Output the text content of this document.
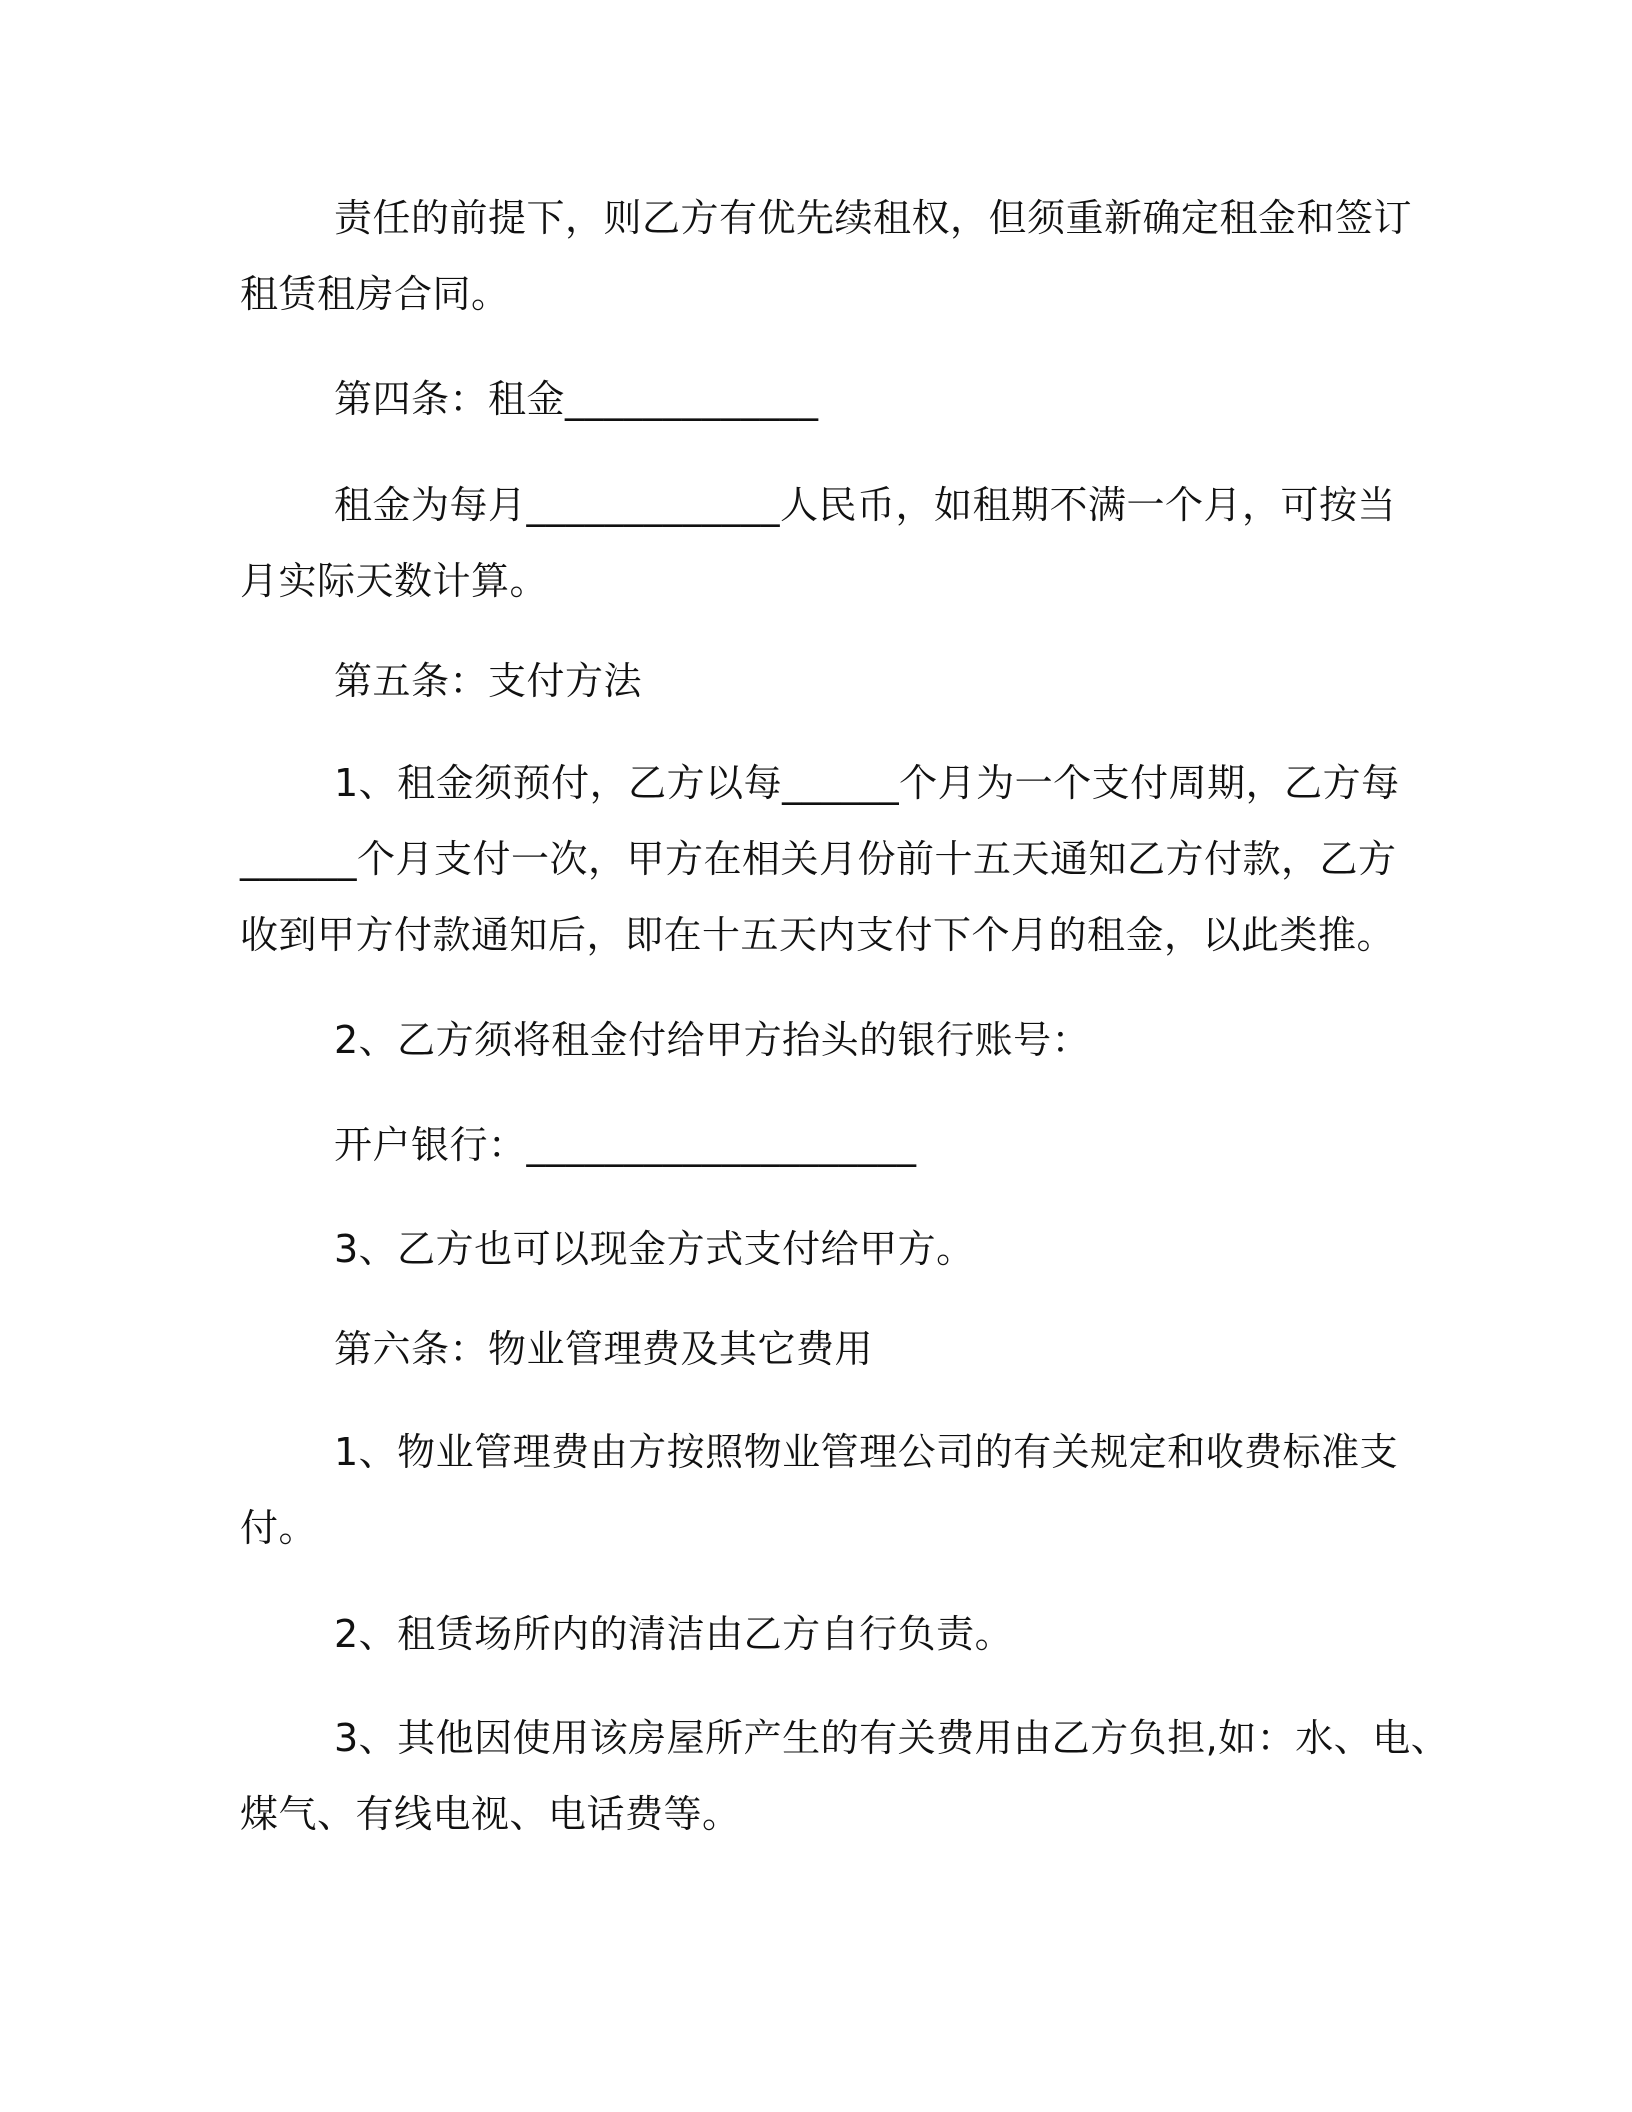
责任的前提下，则乙方有优先续租权，但须重新确定租金和签订
租赁租房合同。
第四条：租金_____________
租金为每月_____________人民币，如租期不满一个月，可按当
月实际天数计算。
第五条：支付方法
1、租金须预付，乙方以每______个月为一个支付周期，乙方每
______个月支付一次，甲方在相关月份前十五天通知乙方付款，乙方
收到甲方付款通知后，即在十五天内支付下个月的租金，以此类推。
2、乙方须将租金付给甲方抬头的银行账号：
开户银行：____________________
3、乙方也可以现金方式支付给甲方。
第六条：物业管理费及其它费用
1、物业管理费由方按照物业管理公司的有关规定和收费标准支
付。
2、租赁场所内的清洁由乙方自行负责。
3、其他因使用该房屋所产生的有关费用由乙方负担,如：水、电、
煤气、有线电视、电话费等。
